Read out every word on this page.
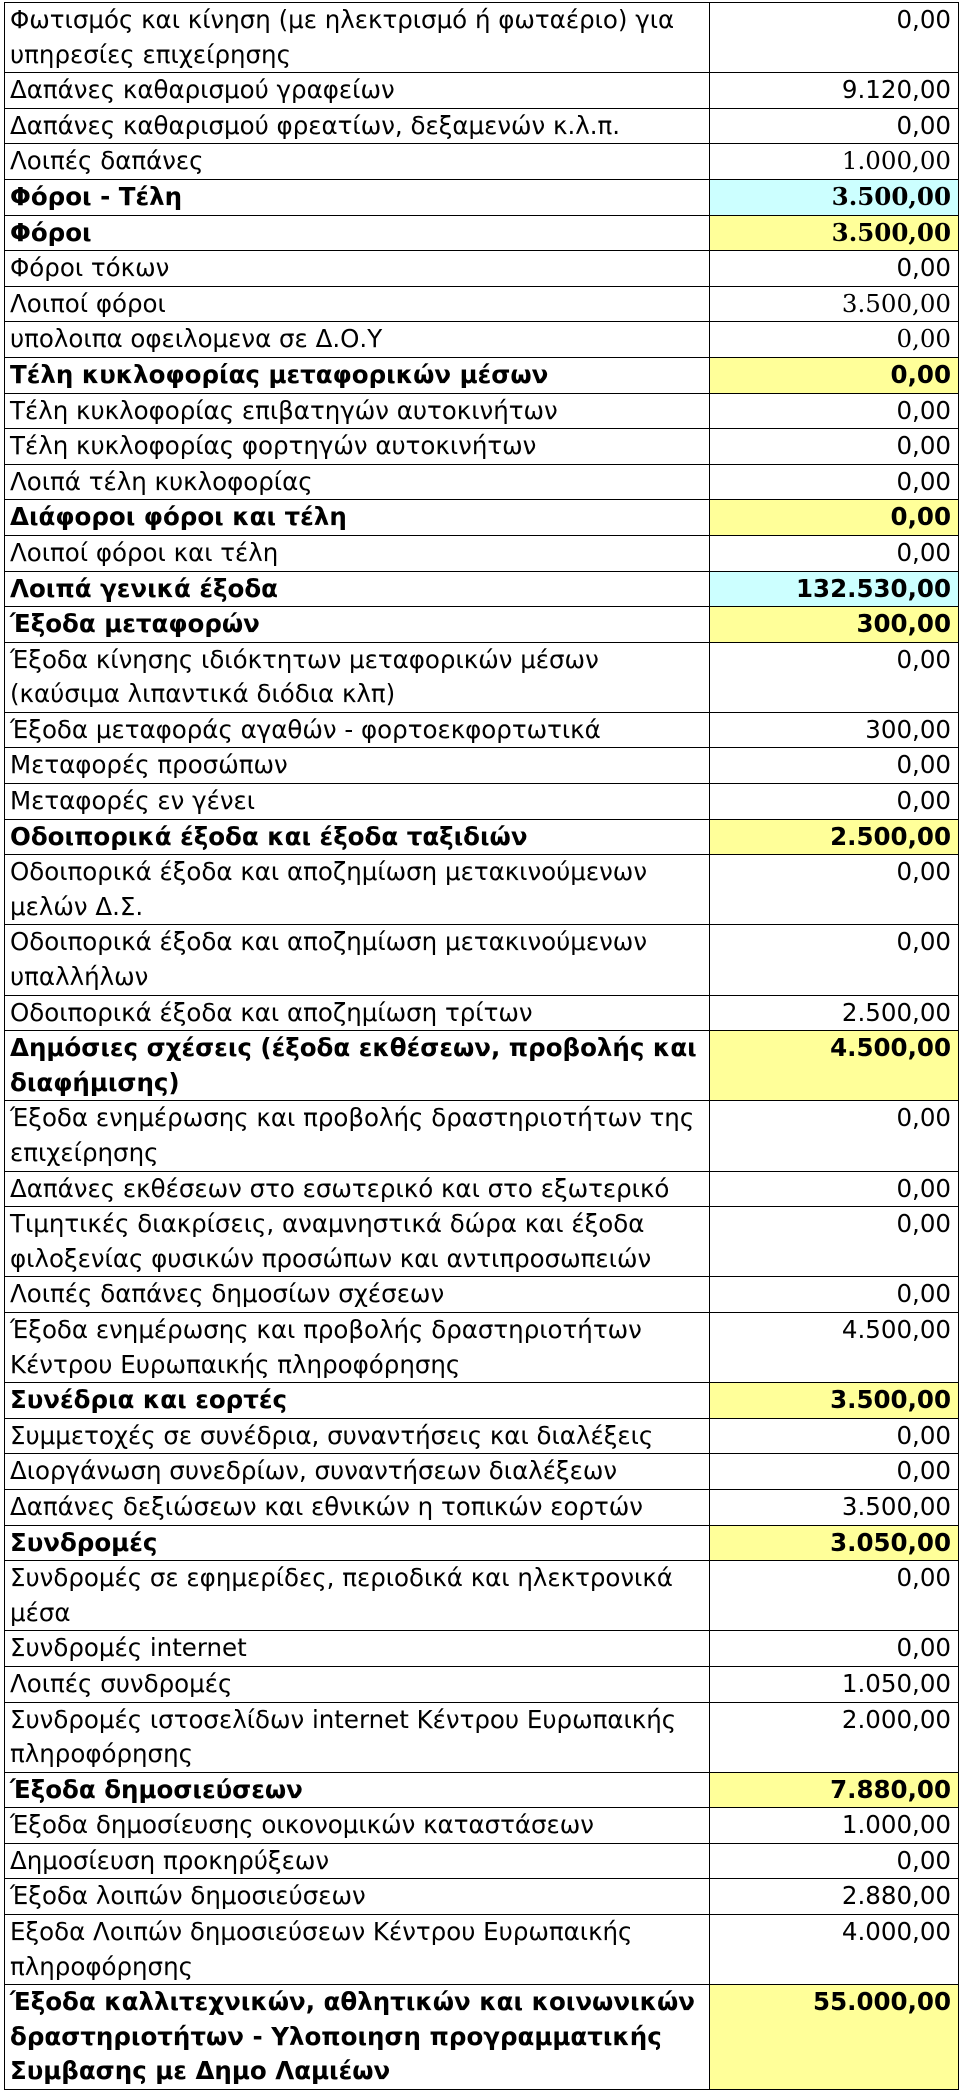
Φωτισμός και κίνηση (με ηλεκτρισμό ή φωταέριο) για υπηρεσίες επιχείρησης	0,00
Δαπάνες καθαρισμού γραφείων	9.120,00
Δαπάνες καθαρισμού φρεατίων, δεξαμενών κ.λ.π.	0,00
Λοιπές δαπάνες	1.000,00
Φόροι - Τέλη	3.500,00
Φόροι	3.500,00
Φόροι τόκων	0,00
Λοιποί φόροι	3.500,00
υπολοιπα οφειλομενα σε Δ.Ο.Υ	0,00
Τέλη κυκλοφορίας μεταφορικών μέσων	0,00
Τέλη κυκλοφορίας επιβατηγών αυτοκινήτων	0,00
Τέλη κυκλοφορίας φορτηγών αυτοκινήτων	0,00
Λοιπά τέλη κυκλοφορίας	0,00
Διάφοροι φόροι και τέλη	0,00
Λοιποί φόροι και τέλη	0,00
Λοιπά γενικά έξοδα	132.530,00
Έξοδα μεταφορών	300,00
Έξοδα κίνησης ιδιόκτητων μεταφορικών μέσων (καύσιμα λιπαντικά διόδια κλπ)	0,00
Έξοδα μεταφοράς αγαθών - φορτοεκφορτωτικά	300,00
Μεταφορές προσώπων	0,00
Μεταφορές εν γένει	0,00
Οδοιπορικά έξοδα και έξοδα ταξιδιών	2.500,00
Οδοιπορικά έξοδα και αποζημίωση μετακινούμενων μελών Δ.Σ.	0,00
Οδοιπορικά έξοδα και αποζημίωση μετακινούμενων υπαλλήλων	0,00
Οδοιπορικά έξοδα και αποζημίωση τρίτων	2.500,00
Δημόσιες σχέσεις (έξοδα εκθέσεων, προβολής και διαφήμισης)	4.500,00
Έξοδα ενημέρωσης και προβολής δραστηριοτήτων της επιχείρησης	0,00
Δαπάνες εκθέσεων στο εσωτερικό και στο εξωτερικό	0,00
Τιμητικές διακρίσεις, αναμνηστικά δώρα και έξοδα φιλοξενίας φυσικών προσώπων και αντιπροσωπειών	0,00
Λοιπές δαπάνες δημοσίων σχέσεων	0,00
Έξοδα ενημέρωσης και προβολής δραστηριοτήτων Κέντρου Ευρωπαικής πληροφόρησης	4.500,00
Συνέδρια και εορτές	3.500,00
Συμμετοχές σε συνέδρια, συναντήσεις και διαλέξεις	0,00
Διοργάνωση συνεδρίων, συναντήσεων διαλέξεων	0,00
Δαπάνες δεξιώσεων και εθνικών η τοπικών εορτών	3.500,00
Συνδρομές	3.050,00
Συνδρομές σε εφημερίδες, περιοδικά και ηλεκτρονικά μέσα	0,00
Συνδρομές internet	0,00
Λοιπές συνδρομές	1.050,00
Συνδρομές ιστοσελίδων internet Κέντρου Ευρωπαικής πληροφόρησης	2.000,00
Έξοδα δημοσιεύσεων	7.880,00
Έξοδα δημοσίευσης οικονομικών καταστάσεων	1.000,00
Δημοσίευση προκηρύξεων	0,00
Έξοδα λοιπών δημοσιεύσεων	2.880,00
Εξοδα Λοιπών δημοσιεύσεων Κέντρου Ευρωπαικής πληροφόρησης	4.000,00
Έξοδα καλλιτεχνικών, αθλητικών και κοινωνικών δραστηριοτήτων - Υλοποιηση προγραμματικής Συμβασης με Δημο Λαμιέων	55.000,00
